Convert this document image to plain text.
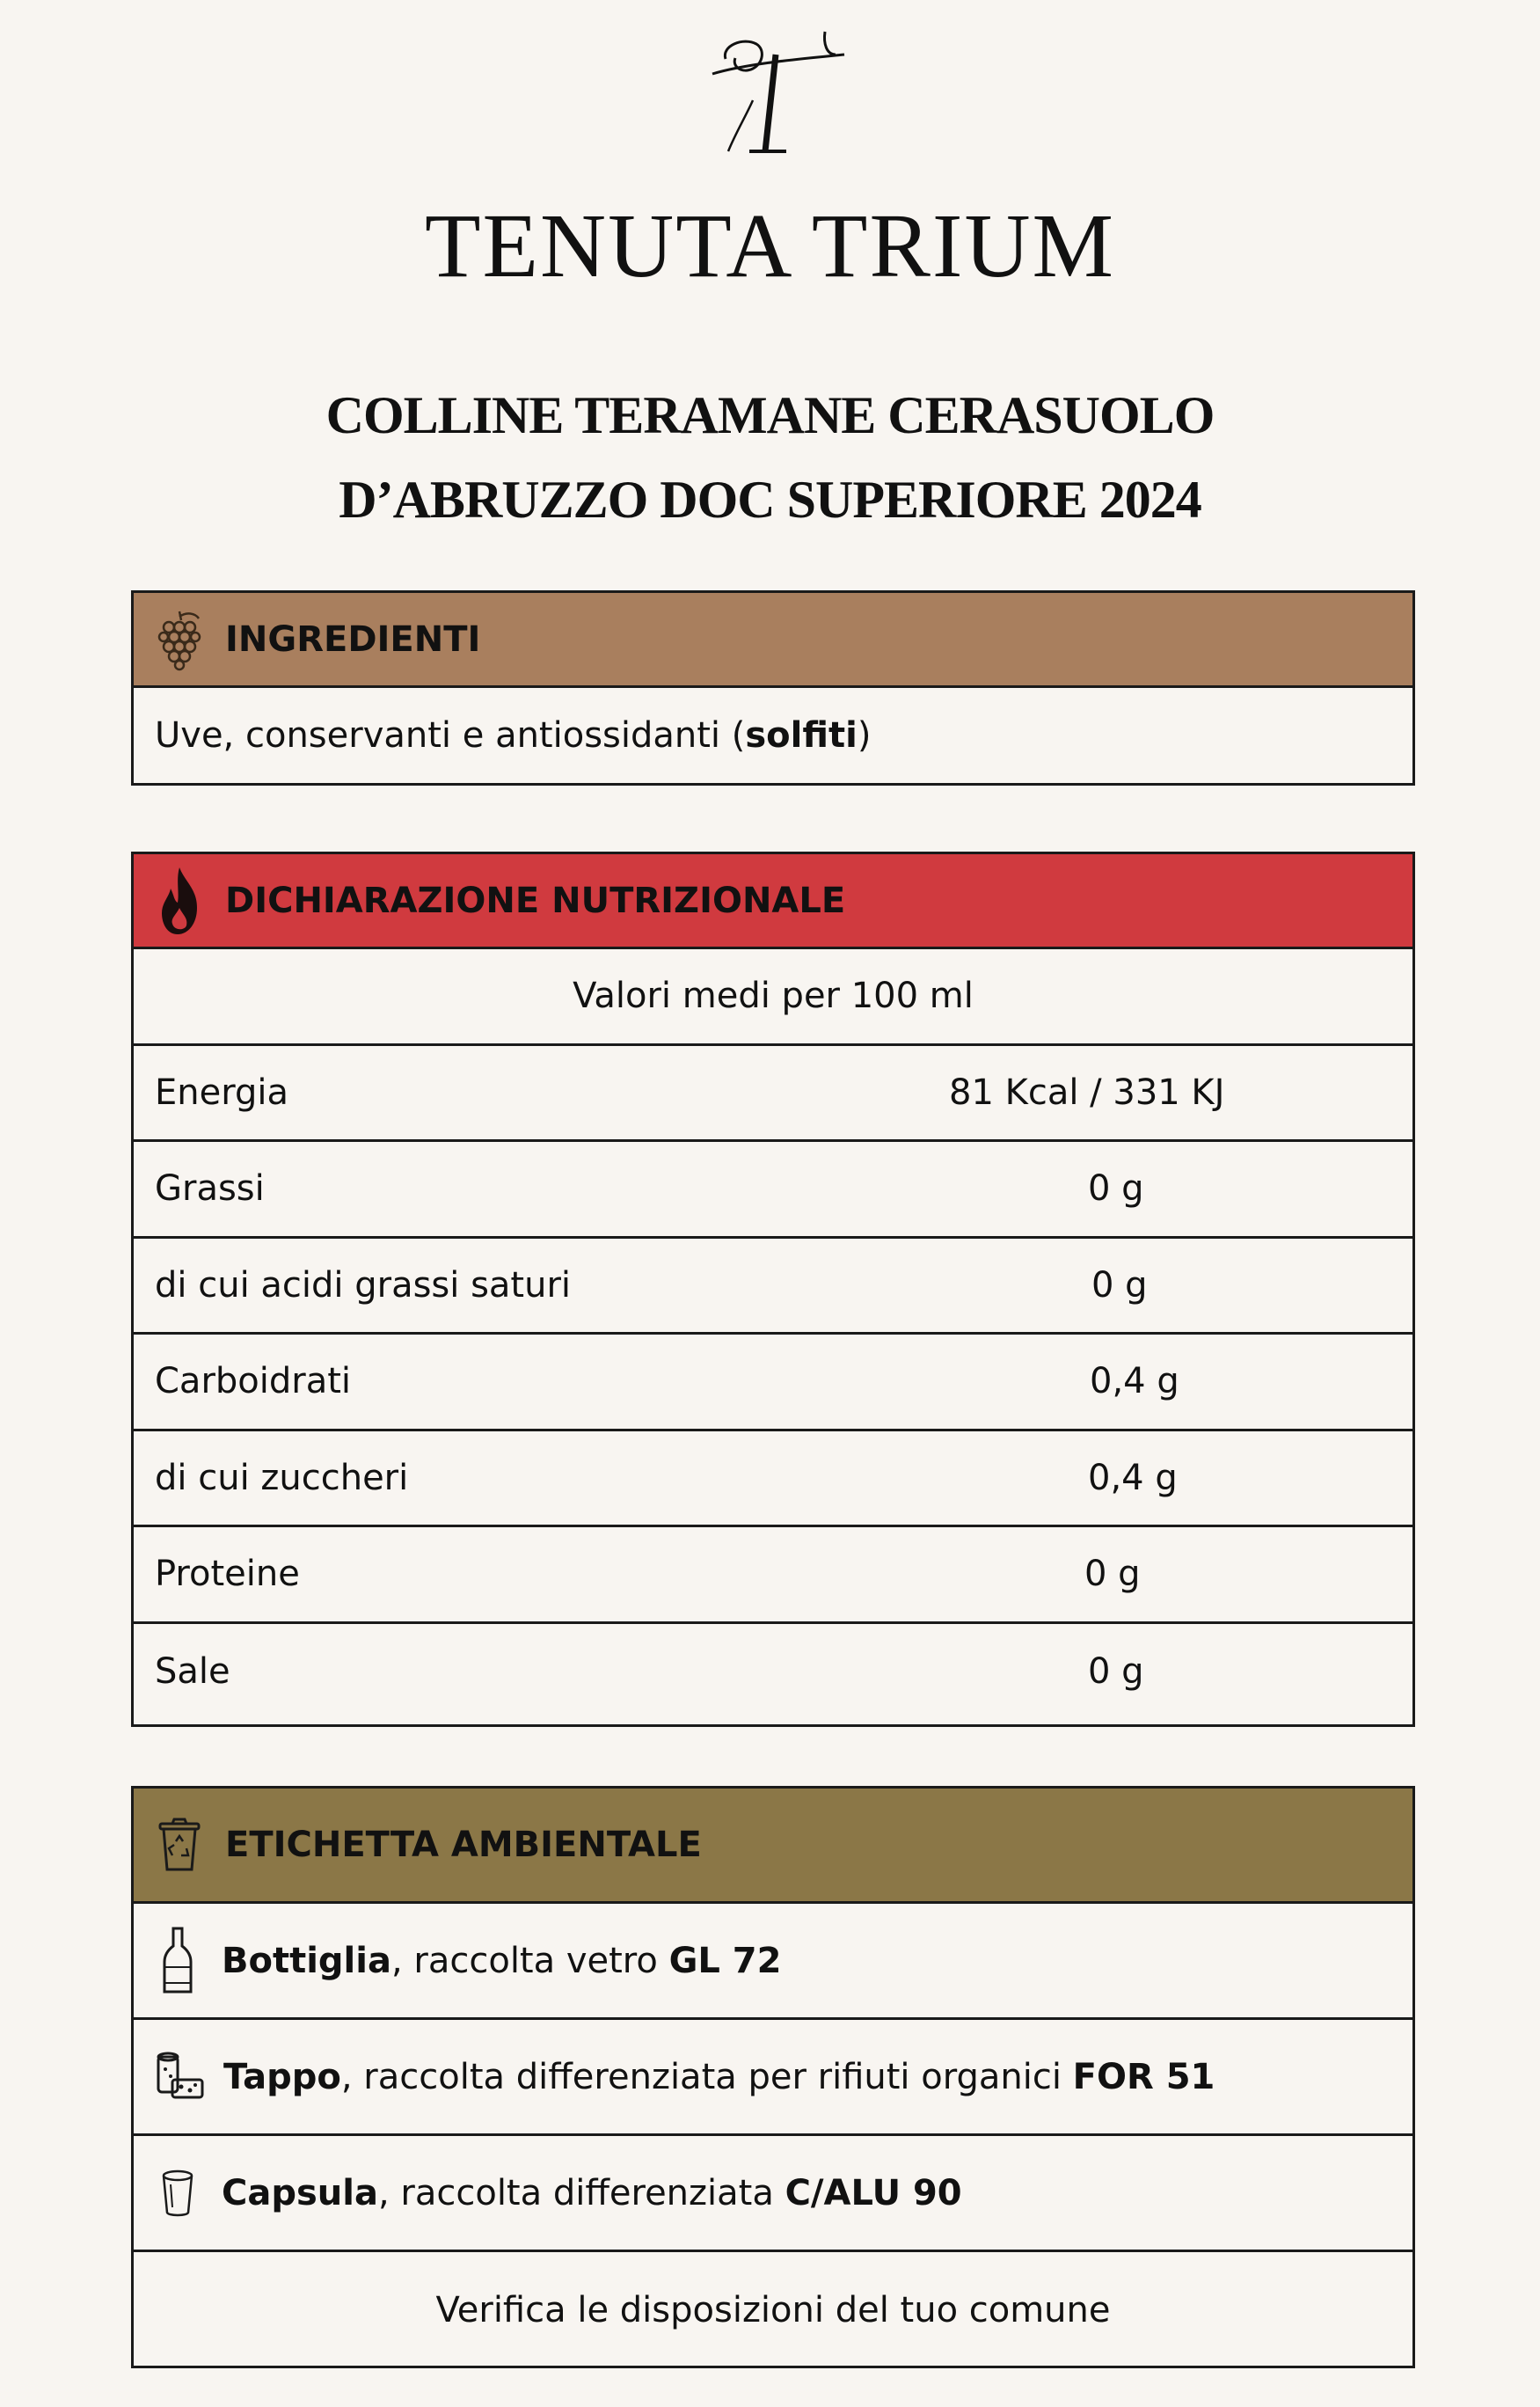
T
TENUTA TRIUM
COLLINE TERAMANE CERASUOLO
D’ABRUZZO DOC SUPERIORE 2024
INGREDIENTI
Uve, conservanti e antiossidanti (solfiti)
DICHIARAZIONE NUTRIZIONALE
Valori medi per 100 ml
Energia	81 Kcal / 331 KJ
Grassi	0 g
di cui acidi grassi saturi	0 g
Carboidrati	0,4 g
di cui zuccheri	0,4 g
Proteine	0 g
Sale	0 g
ETICHETTA AMBIENTALE
Bottiglia, raccolta vetro GL 72
Tappo, raccolta differenziata per rifiuti organici FOR 51
Capsula, raccolta differenziata C/ALU 90
Verifica le disposizioni del tuo comune
